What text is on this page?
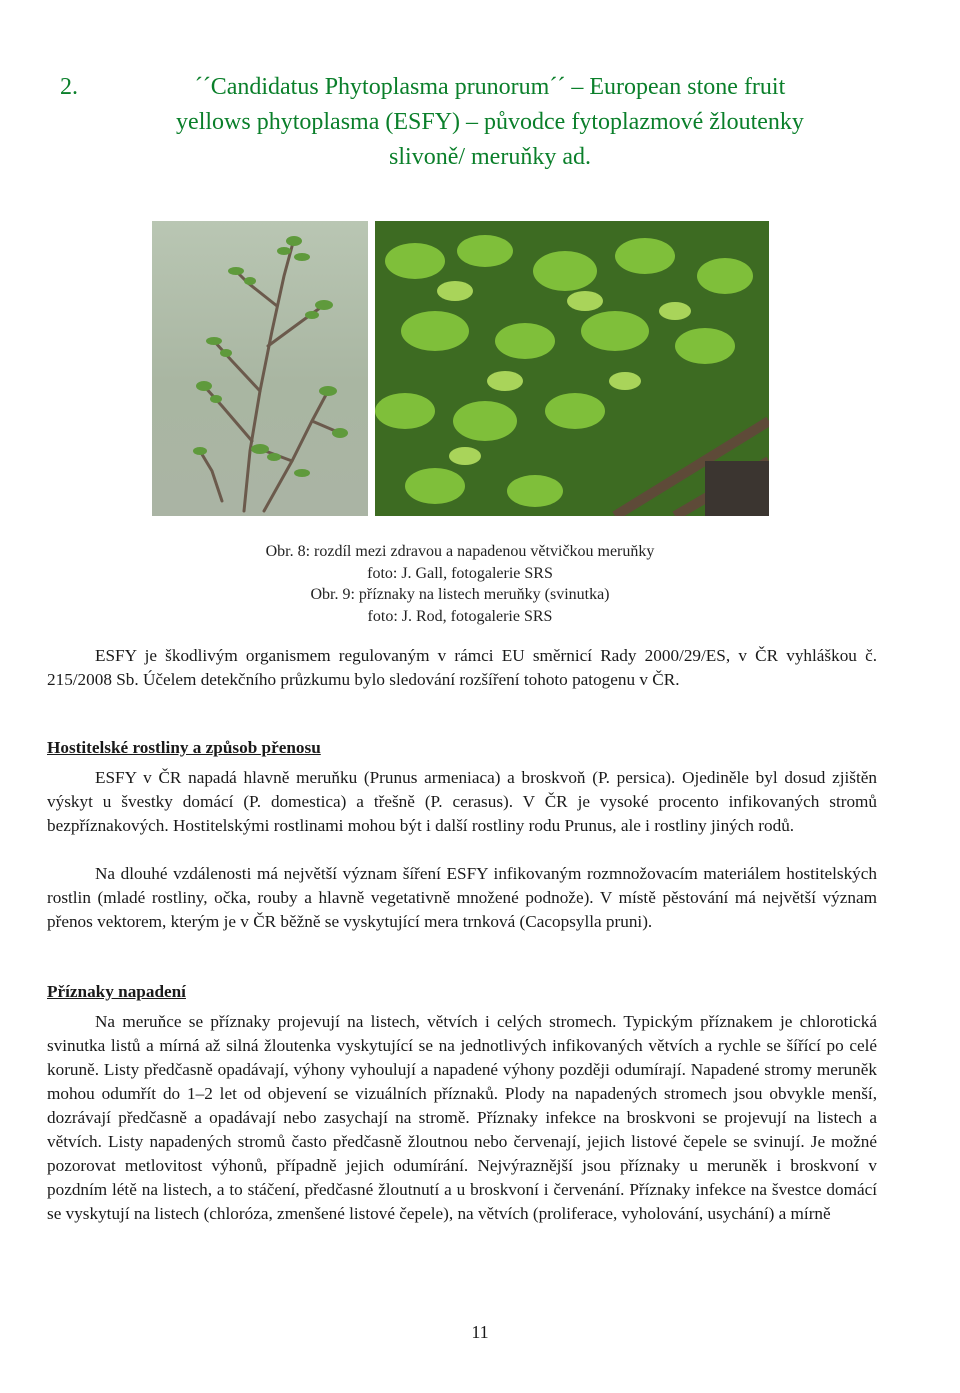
2.	´´Candidatus Phytoplasma prunorum´´ – European stone fruit
yellows phytoplasma (ESFY) – původce fytoplazmové žloutenky
slivoně/ meruňky ad.
Obr. 8: rozdíl mezi zdravou a napadenou větvičkou meruňky
foto: J. Gall, fotogalerie SRS
Obr. 9: příznaky na listech meruňky (svinutka)
foto: J. Rod, fotogalerie SRS

ESFY je škodlivým organismem regulovaným v rámci EU směrnicí Rady 2000/29/ES, v ČR vyhláškou č. 215/2008 Sb. Účelem detekčního průzkumu bylo sledování rozšíření tohoto patogenu v ČR.

Hostitelské rostliny a způsob přenosu

ESFY v ČR napadá hlavně meruňku (Prunus armeniaca) a broskvoň (P. persica). Ojediněle byl dosud zjištěn výskyt u švestky domácí (P. domestica) a třešně (P. cerasus). V ČR je vysoké procento infikovaných stromů bezpříznakových. Hostitelskými rostlinami mohou být i další rostliny rodu Prunus, ale i rostliny jiných rodů.

Na dlouhé vzdálenosti má největší význam šíření ESFY infikovaným rozmnožovacím materiálem hostitelských rostlin (mladé rostliny, očka, rouby a hlavně vegetativně množené podnože). V místě pěstování má největší význam přenos vektorem, kterým je v ČR běžně se vyskytující mera trnková (Cacopsylla pruni).

Příznaky napadení

Na meruňce se příznaky projevují na listech, větvích i celých stromech. Typickým příznakem je chlorotická svinutka listů a mírná až silná žloutenka vyskytující se na jednotlivých infikovaných větvích a rychle se šířící po celé koruně. Listy předčasně opadávají, výhony vyhoulují a napadené výhony později odumírají. Napadené stromy meruněk mohou odumřít do 1–2 let od objevení se vizuálních příznaků. Plody na napadených stromech jsou obvykle menší, dozrávají předčasně a opadávají nebo zasychají na stromě. Příznaky infekce na broskvoni se projevují na listech a větvích. Listy napadených stromů často předčasně žloutnou nebo červenají, jejich listové čepele se svinují. Je možné pozorovat metlovitost výhonů, případně jejich odumírání. Nejvýraznější jsou příznaky u meruněk i broskvoní v pozdním létě na listech, a to stáčení, předčasné žloutnutí a u broskvoní i červenání. Příznaky infekce na švestce domácí se vyskytují na listech (chloróza, zmenšené listové čepele), na větvích (proliferace, vyholování, usychání) a mírně

11
